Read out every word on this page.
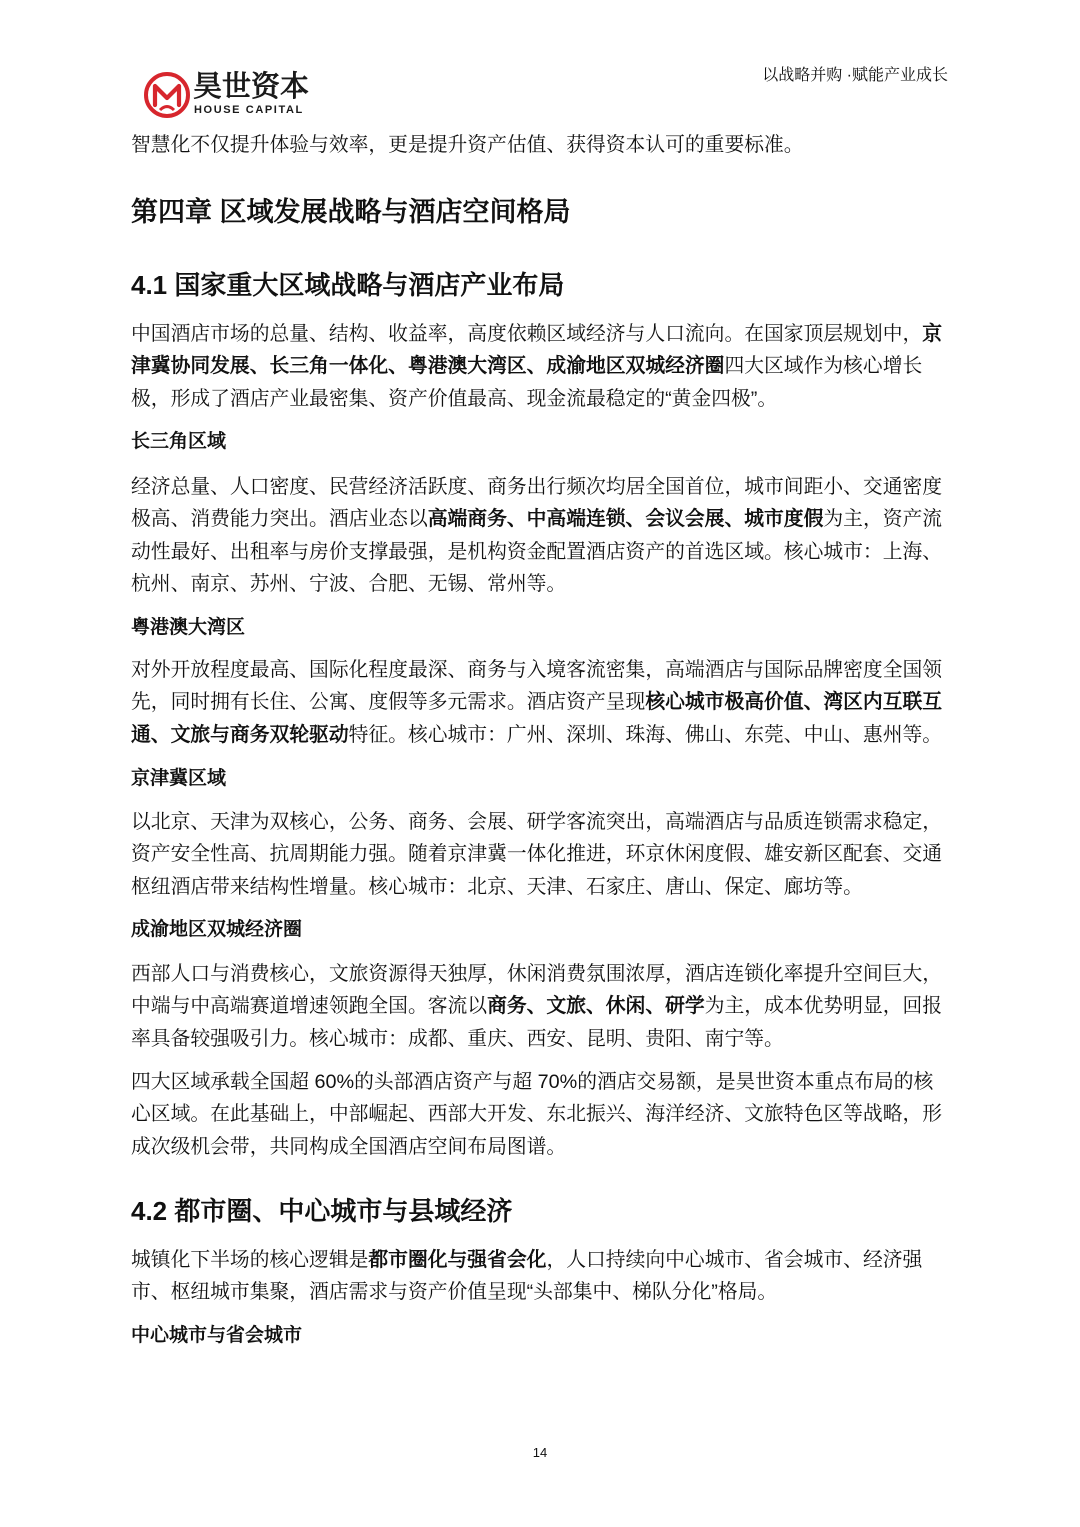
昊世资本
HOUSE CAPITAL
以战略并购 ·赋能产业成长
智慧化不仅提升体验与效率，更是提升资产估值、获得资本认可的重要标准。
第四章 区域发展战略与酒店空间格局
4.1 国家重大区域战略与酒店产业布局
中国酒店市场的总量、结构、收益率，高度依赖区域经济与人口流向。在国家顶层规划中，京
津冀协同发展、长三角一体化、粤港澳大湾区、成渝地区双城经济圈四大区域作为核心增长
极，形成了酒店产业最密集、资产价值最高、现金流最稳定的“黄金四极”。
长三角区域
经济总量、人口密度、民营经济活跃度、商务出行频次均居全国首位，城市间距小、交通密度
极高、消费能力突出。酒店业态以高端商务、中高端连锁、会议会展、城市度假为主，资产流
动性最好、出租率与房价支撑最强，是机构资金配置酒店资产的首选区域。核心城市：上海、
杭州、南京、苏州、宁波、合肥、无锡、常州等。
粤港澳大湾区
对外开放程度最高、国际化程度最深、商务与入境客流密集，高端酒店与国际品牌密度全国领
先，同时拥有长住、公寓、度假等多元需求。酒店资产呈现核心城市极高价值、湾区内互联互
通、文旅与商务双轮驱动特征。核心城市：广州、深圳、珠海、佛山、东莞、中山、惠州等。
京津冀区域
以北京、天津为双核心，公务、商务、会展、研学客流突出，高端酒店与品质连锁需求稳定，
资产安全性高、抗周期能力强。随着京津冀一体化推进，环京休闲度假、雄安新区配套、交通
枢纽酒店带来结构性增量。核心城市：北京、天津、石家庄、唐山、保定、廊坊等。
成渝地区双城经济圈
西部人口与消费核心，文旅资源得天独厚，休闲消费氛围浓厚，酒店连锁化率提升空间巨大，
中端与中高端赛道增速领跑全国。客流以商务、文旅、休闲、研学为主，成本优势明显，回报
率具备较强吸引力。核心城市：成都、重庆、西安、昆明、贵阳、南宁等。
四大区域承载全国超 60%的头部酒店资产与超 70%的酒店交易额，是昊世资本重点布局的核
心区域。在此基础上，中部崛起、西部大开发、东北振兴、海洋经济、文旅特色区等战略，形
成次级机会带，共同构成全国酒店空间布局图谱。
4.2 都市圈、中心城市与县域经济
城镇化下半场的核心逻辑是都市圈化与强省会化，人口持续向中心城市、省会城市、经济强
市、枢纽城市集聚，酒店需求与资产价值呈现“头部集中、梯队分化”格局。
中心城市与省会城市
14
